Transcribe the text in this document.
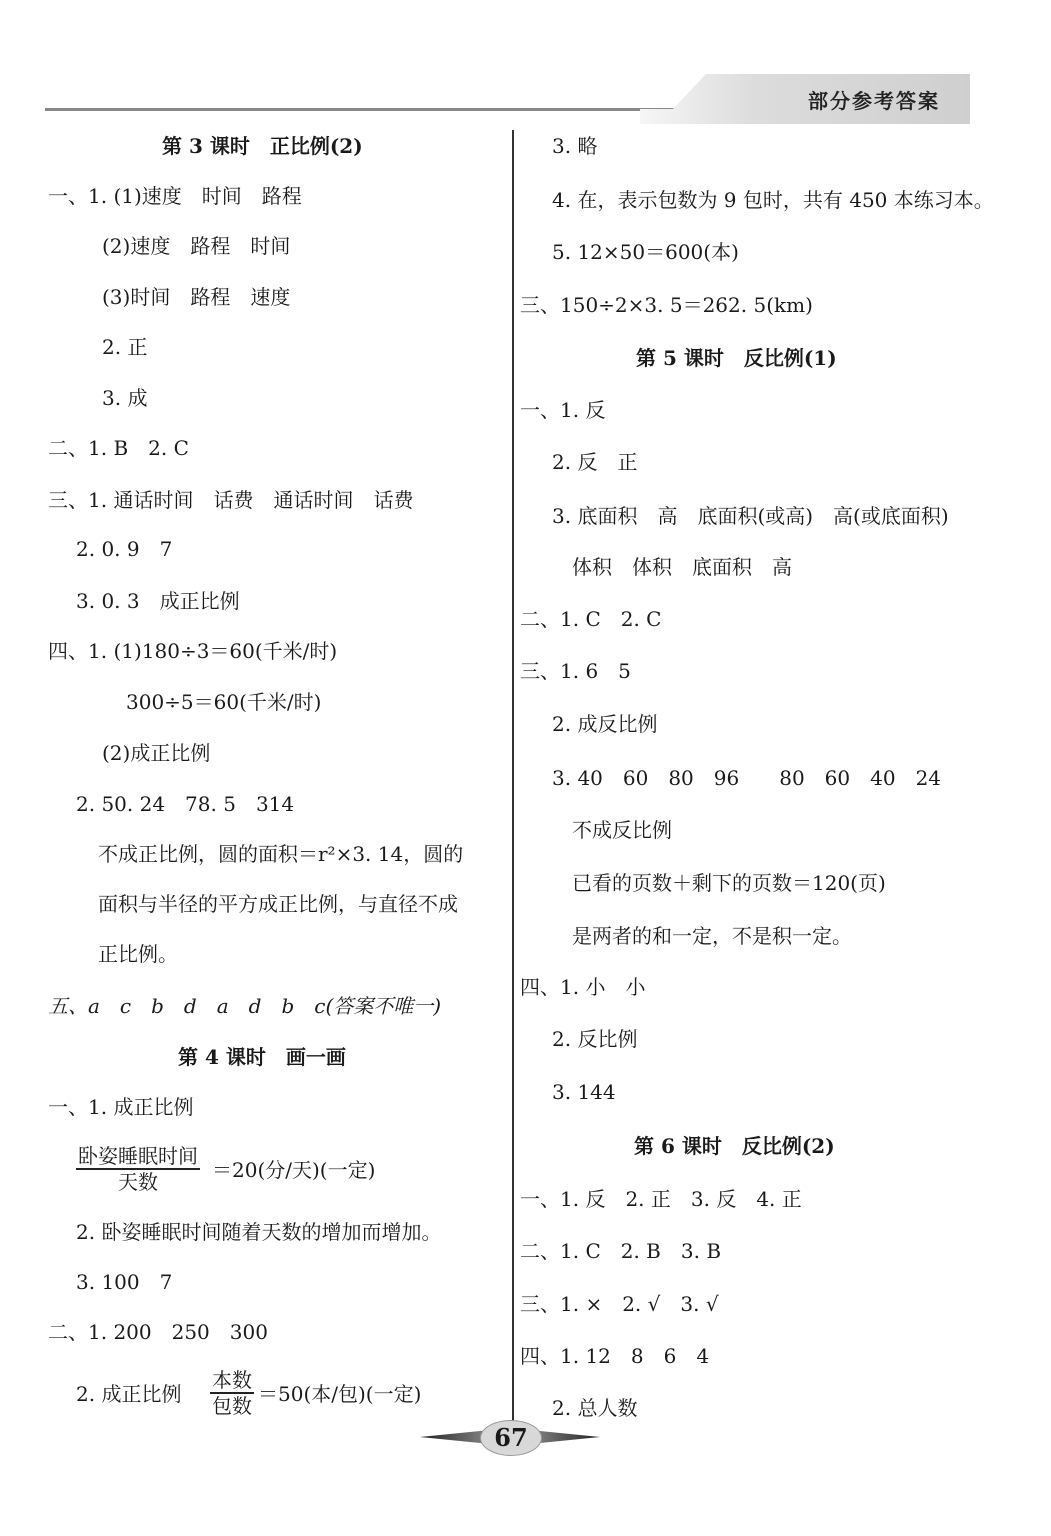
部分参考答案
第 3 课时　正比例(2)
一、1. (1)速度　时间　路程
(2)速度　路程　时间
(3)时间　路程　速度
2. 正
3. 成
二、1. B　2. C
三、1. 通话时间　话费　通话时间　话费
2. 0. 9　7
3. 0. 3　成正比例
四、1. (1)180÷3＝60(千米/时)
300÷5＝60(千米/时)
(2)成正比例
2. 50. 24　78. 5　314
不成正比例，圆的面积＝r²×3. 14，圆的
面积与半径的平方成正比例，与直径不成
正比例。
五、a　c　b　d　a　d　b　c(答案不唯一)
第 4 课时　画一画
一、1. 成正比例
卧姿睡眠时间
天数	＝20(分/天)(一定)
2. 卧姿睡眠时间随着天数的增加而增加。
3. 100　7
二、1. 200　250　300
2. 成正比例
本数
包数 ＝50(本/包)(一定)
3. 略
4. 在，表示包数为 9 包时，共有 450 本练习本。
5. 12×50＝600(本)
三、150÷2×3. 5＝262. 5(km)
第 5 课时　反比例(1)
一、1. 反
2. 反　正
3. 底面积　高　底面积(或高)　高(或底面积)
体积　体积　底面积　高
二、1. C　2. C
三、1. 6　5
2. 成反比例
3. 40　60　80　96　　80　60　40　24
不成反比例
已看的页数＋剩下的页数＝120(页)
是两者的和一定，不是积一定。
四、1. 小　小
2. 反比例
3. 144
第 6 课时　反比例(2)
一、1. 反　2. 正　3. 反　4. 正
二、1. C　2. B　3. B
三、1. ×　2. √　3. √
四、1. 12　8　6　4
2. 总人数
67
